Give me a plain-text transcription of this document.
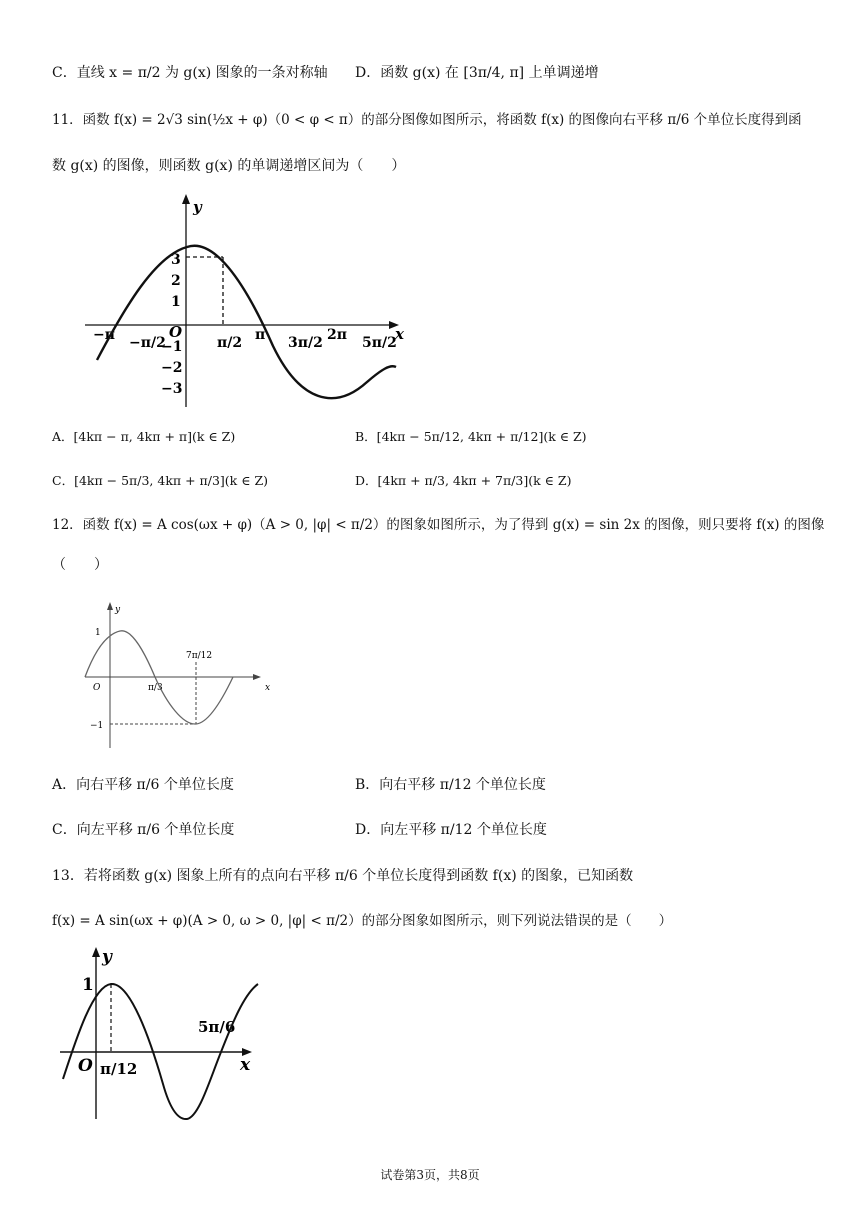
C．直线 x = π/2 为 g(x) 图象的一条对称轴 D．函数 g(x) 在 [3π/4, π] 上单调递增
11．函数 f(x) = 2√3 sin(½x + φ)（0 < φ < π）的部分图像如图所示，将函数 f(x) 的图像向右平移 π/6 个单位长度得到函
数 g(x) 的图像，则函数 g(x) 的单调递增区间为（　　）
y
x
O
3
2
1
−1
−2
−3
−π −π/2	π/2 π 3π/2 2π 5π/2
A．[4kπ − π, 4kπ + π](k ∈ Z)	B．[4kπ − 5π/12, 4kπ + π/12](k ∈ Z)
C．[4kπ − 5π/3, 4kπ + π/3](k ∈ Z)	D．[4kπ + π/3, 4kπ + 7π/3](k ∈ Z)
12．函数 f(x) = A cos(ωx + φ)（A > 0, |φ| < π/2）的图象如图所示，为了得到 g(x) = sin 2x 的图像，则只要将 f(x) 的图像
（　　）
y
x
O
1
−1
π/3
7π/12
A．向右平移 π/6 个单位长度	B．向右平移 π/12 个单位长度
C．向左平移 π/6 个单位长度	D．向左平移 π/12 个单位长度
13．若将函数 g(x) 图象上所有的点向右平移 π/6 个单位长度得到函数 f(x) 的图象，已知函数
f(x) = A sin(ωx + φ)(A > 0, ω > 0, |φ| < π/2）的部分图象如图所示，则下列说法错误的是（　　）
y
x
O
1
π/12
5π/6
试卷第3页，共8页
